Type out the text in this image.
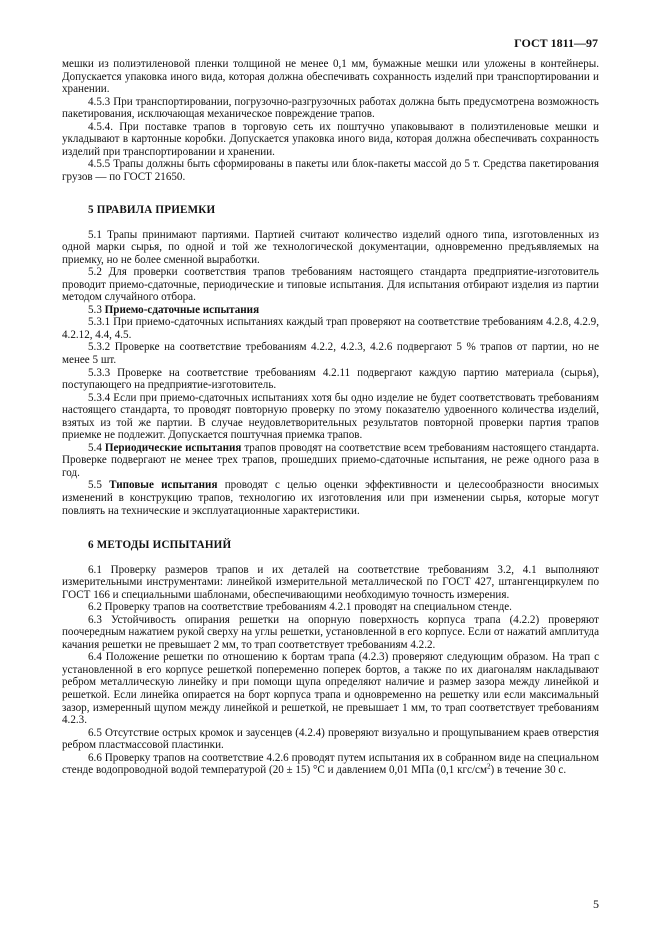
ГОСТ 1811—97

мешки из полиэтиленовой пленки толщиной не менее 0,1 мм, бумажные мешки или уложены в контейнеры. Допускается упаковка иного вида, которая должна обеспечивать сохранность изделий при транспортировании и хранении.

4.5.3 При транспортировании, погрузочно-разгрузочных работах должна быть предусмотрена возможность пакетирования, исключающая механическое повреждение трапов.

4.5.4. При поставке трапов в торговую сеть их поштучно упаковывают в полиэтиленовые мешки и укладывают в картонные коробки. Допускается упаковка иного вида, которая должна обеспечивать сохранность изделий при транспортировании и хранении.

4.5.5 Трапы должны быть сформированы в пакеты или блок-пакеты массой до 5 т. Средства пакетирования грузов — по ГОСТ 21650.

5 ПРАВИЛА ПРИЕМКИ

5.1 Трапы принимают партиями. Партией считают количество изделий одного типа, изготовленных из одной марки сырья, по одной и той же технологической документации, одновременно предъявляемых на приемку, но не более сменной выработки.

5.2 Для проверки соответствия трапов требованиям настоящего стандарта предприятие-изготовитель проводит приемо-сдаточные, периодические и типовые испытания. Для испытания отбирают изделия из партии методом случайного отбора.

5.3 Приемо-сдаточные испытания

5.3.1 При приемо-сдаточных испытаниях каждый трап проверяют на соответствие требованиям 4.2.8, 4.2.9, 4.2.12, 4.4, 4.5.

5.3.2 Проверке на соответствие требованиям 4.2.2, 4.2.3, 4.2.6 подвергают 5 % трапов от партии, но не менее 5 шт.

5.3.3 Проверке на соответствие требованиям 4.2.11 подвергают каждую партию материала (сырья), поступающего на предприятие-изготовитель.

5.3.4 Если при приемо-сдаточных испытаниях хотя бы одно изделие не будет соответствовать требованиям настоящего стандарта, то проводят повторную проверку по этому показателю удвоенного количества изделий, взятых из той же партии. В случае неудовлетворительных результатов повторной проверки партия трапов приемке не подлежит. Допускается поштучная приемка трапов.

5.4 Периодические испытания трапов проводят на соответствие всем требованиям настоящего стандарта. Проверке подвергают не менее трех трапов, прошедших приемо-сдаточные испытания, не реже одного раза в год.

5.5 Типовые испытания проводят с целью оценки эффективности и целесообразности вносимых изменений в конструкцию трапов, технологию их изготовления или при изменении сырья, которые могут повлиять на технические и эксплуатационные характеристики.

6 МЕТОДЫ ИСПЫТАНИЙ

6.1 Проверку размеров трапов и их деталей на соответствие требованиям 3.2, 4.1 выполняют измерительными инструментами: линейкой измерительной металлической по ГОСТ 427, штангенциркулем по ГОСТ 166 и специальными шаблонами, обеспечивающими необходимую точность измерения.

6.2 Проверку трапов на соответствие требованиям 4.2.1 проводят на специальном стенде.

6.3 Устойчивость опирания решетки на опорную поверхность корпуса трапа (4.2.2) проверяют поочередным нажатием рукой сверху на углы решетки, установленной в его корпусе. Если от нажатий амплитуда качания решетки не превышает 2 мм, то трап соответствует требованиям 4.2.2.

6.4 Положение решетки по отношению к бортам трапа (4.2.3) проверяют следующим образом. На трап с установленной в его корпусе решеткой попеременно поперек бортов, а также по их диагоналям накладывают ребром металлическую линейку и при помощи щупа определяют наличие и размер зазора между линейкой и решеткой. Если линейка опирается на борт корпуса трапа и одновременно на решетку или если максимальный зазор, измеренный щупом между линейкой и решеткой, не превышает 1 мм, то трап соответствует требованиям 4.2.3.

6.5 Отсутствие острых кромок и заусенцев (4.2.4) проверяют визуально и прощупыванием краев отверстия ребром пластмассовой пластинки.

6.6 Проверку трапов на соответствие 4.2.6 проводят путем испытания их в собранном виде на специальном стенде водопроводной водой температурой (20 ± 15) °С и давлением 0,01 МПа (0,1 кгс/$см^2$) в течение 30 с.

5
